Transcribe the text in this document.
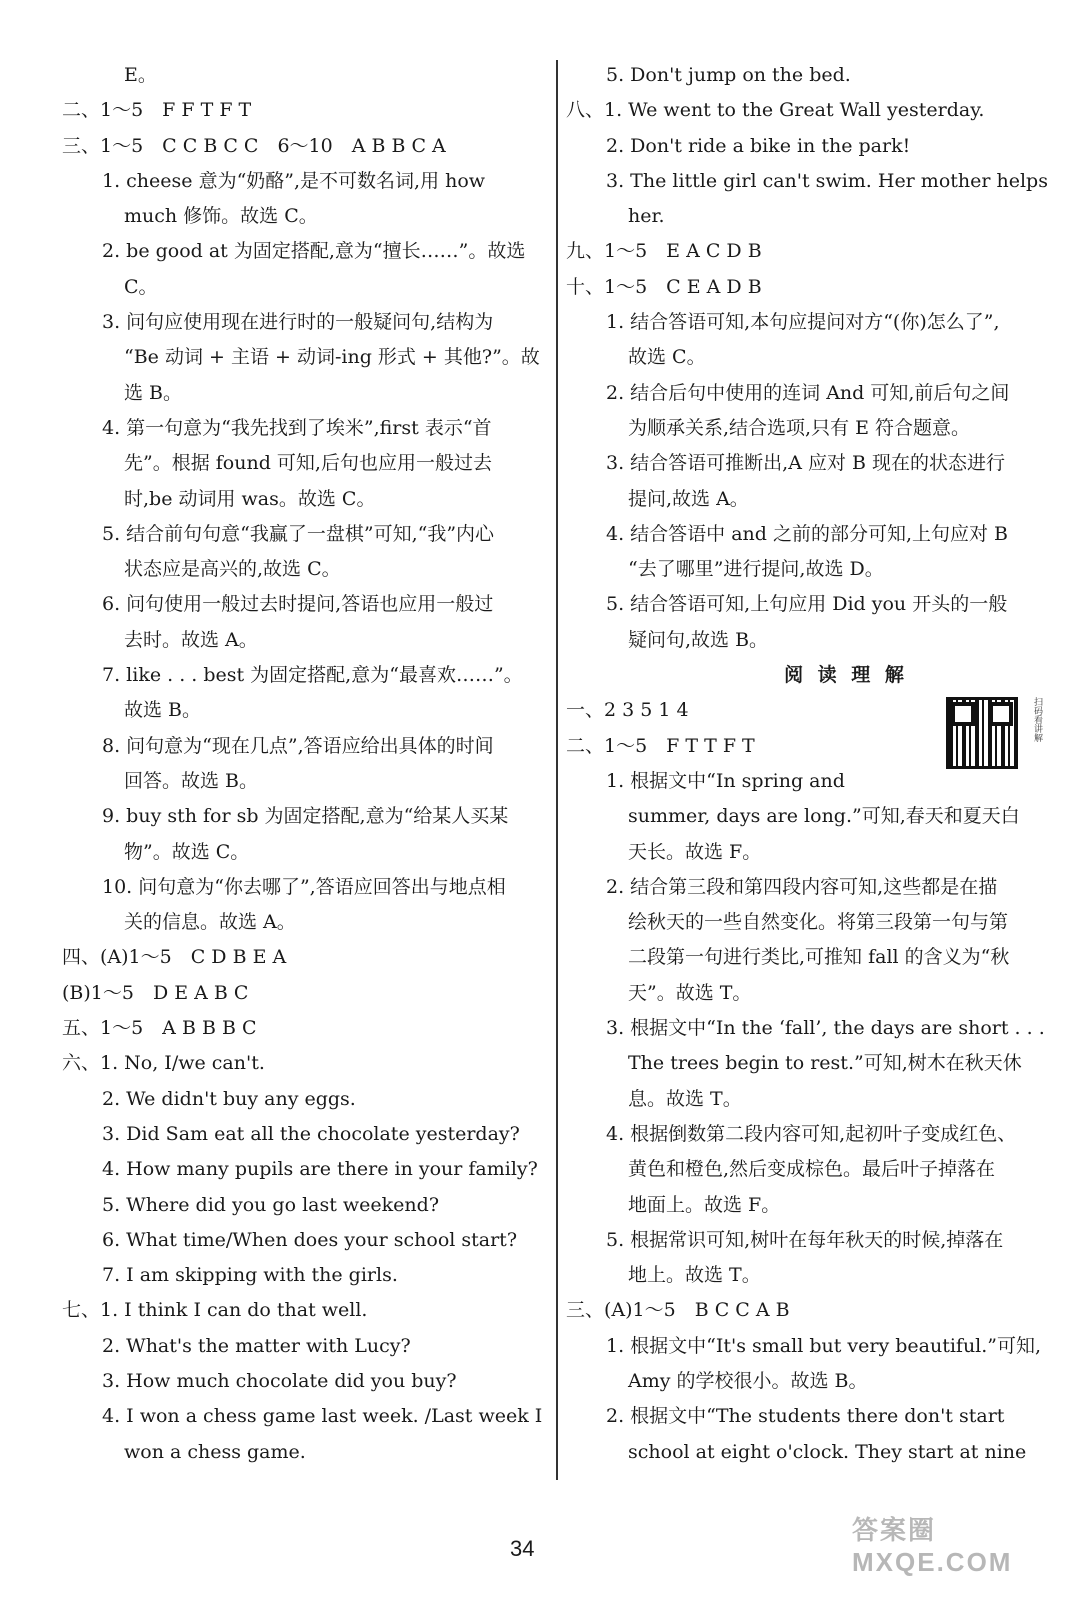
E。
二、1～5　F F T F T
三、1～5　C C B C C　6～10　A B B C A
1. cheese 意为“奶酪”,是不可数名词,用 how
much 修饰。故选 C。
2. be good at 为固定搭配,意为“擅长……”。故选
C。
3. 问句应使用现在进行时的一般疑问句,结构为
“Be 动词 + 主语 + 动词-ing 形式 + 其他?”。故
选 B。
4. 第一句意为“我先找到了埃米”,first 表示“首
先”。根据 found 可知,后句也应用一般过去
时,be 动词用 was。故选 C。
5. 结合前句句意“我赢了一盘棋”可知,“我”内心
状态应是高兴的,故选 C。
6. 问句使用一般过去时提问,答语也应用一般过
去时。故选 A。
7. like . . . best 为固定搭配,意为“最喜欢……”。
故选 B。
8. 问句意为“现在几点”,答语应给出具体的时间
回答。故选 B。
9. buy sth for sb 为固定搭配,意为“给某人买某
物”。故选 C。
10. 问句意为“你去哪了”,答语应回答出与地点相
关的信息。故选 A。
四、(A)1～5　C D B E A
(B)1～5　D E A B C
五、1～5　A B B B C
六、1. No, I/we can't.
2. We didn't buy any eggs.
3. Did Sam eat all the chocolate yesterday?
4. How many pupils are there in your family?
5. Where did you go last weekend?
6. What time/When does your school start?
7. I am skipping with the girls.
七、1. I think I can do that well.
2. What's the matter with Lucy?
3. How much chocolate did you buy?
4. I won a chess game last week. /Last week I
won a chess game.
5. Don't jump on the bed.
八、1. We went to the Great Wall yesterday.
2. Don't ride a bike in the park!
3. The little girl can't swim. Her mother helps
her.
九、1～5　E A C D B
十、1～5　C E A D B
1. 结合答语可知,本句应提问对方“(你)怎么了”,
故选 C。
2. 结合后句中使用的连词 And 可知,前后句之间
为顺承关系,结合选项,只有 E 符合题意。
3. 结合答语可推断出,A 应对 B 现在的状态进行
提问,故选 A。
4. 结合答语中 and 之前的部分可知,上句应对 B
“去了哪里”进行提问,故选 D。
5. 结合答语可知,上句应用 Did you 开头的一般
疑问句,故选 B。
阅 读 理 解
一、2 3 5 1 4
二、1～5　F T T F T
1. 根据文中“In spring and
summer, days are long.”可知,春天和夏天白
天长。故选 F。
2. 结合第三段和第四段内容可知,这些都是在描
绘秋天的一些自然变化。将第三段第一句与第
二段第一句进行类比,可推知 fall 的含义为“秋
天”。故选 T。
3. 根据文中“In the ‘fall’, the days are short . . .
The trees begin to rest.”可知,树木在秋天休
息。故选 T。
4. 根据倒数第二段内容可知,起初叶子变成红色、
黄色和橙色,然后变成棕色。最后叶子掉落在
地面上。故选 F。
5. 根据常识可知,树叶在每年秋天的时候,掉落在
地上。故选 T。
三、(A)1～5　B C C A B
1. 根据文中“It's small but very beautiful.”可知,
Amy 的学校很小。故选 B。
2. 根据文中“The students there don't start
school at eight o'clock. They start at nine
扫码看讲解
34
答案圈 MXQE.COM
